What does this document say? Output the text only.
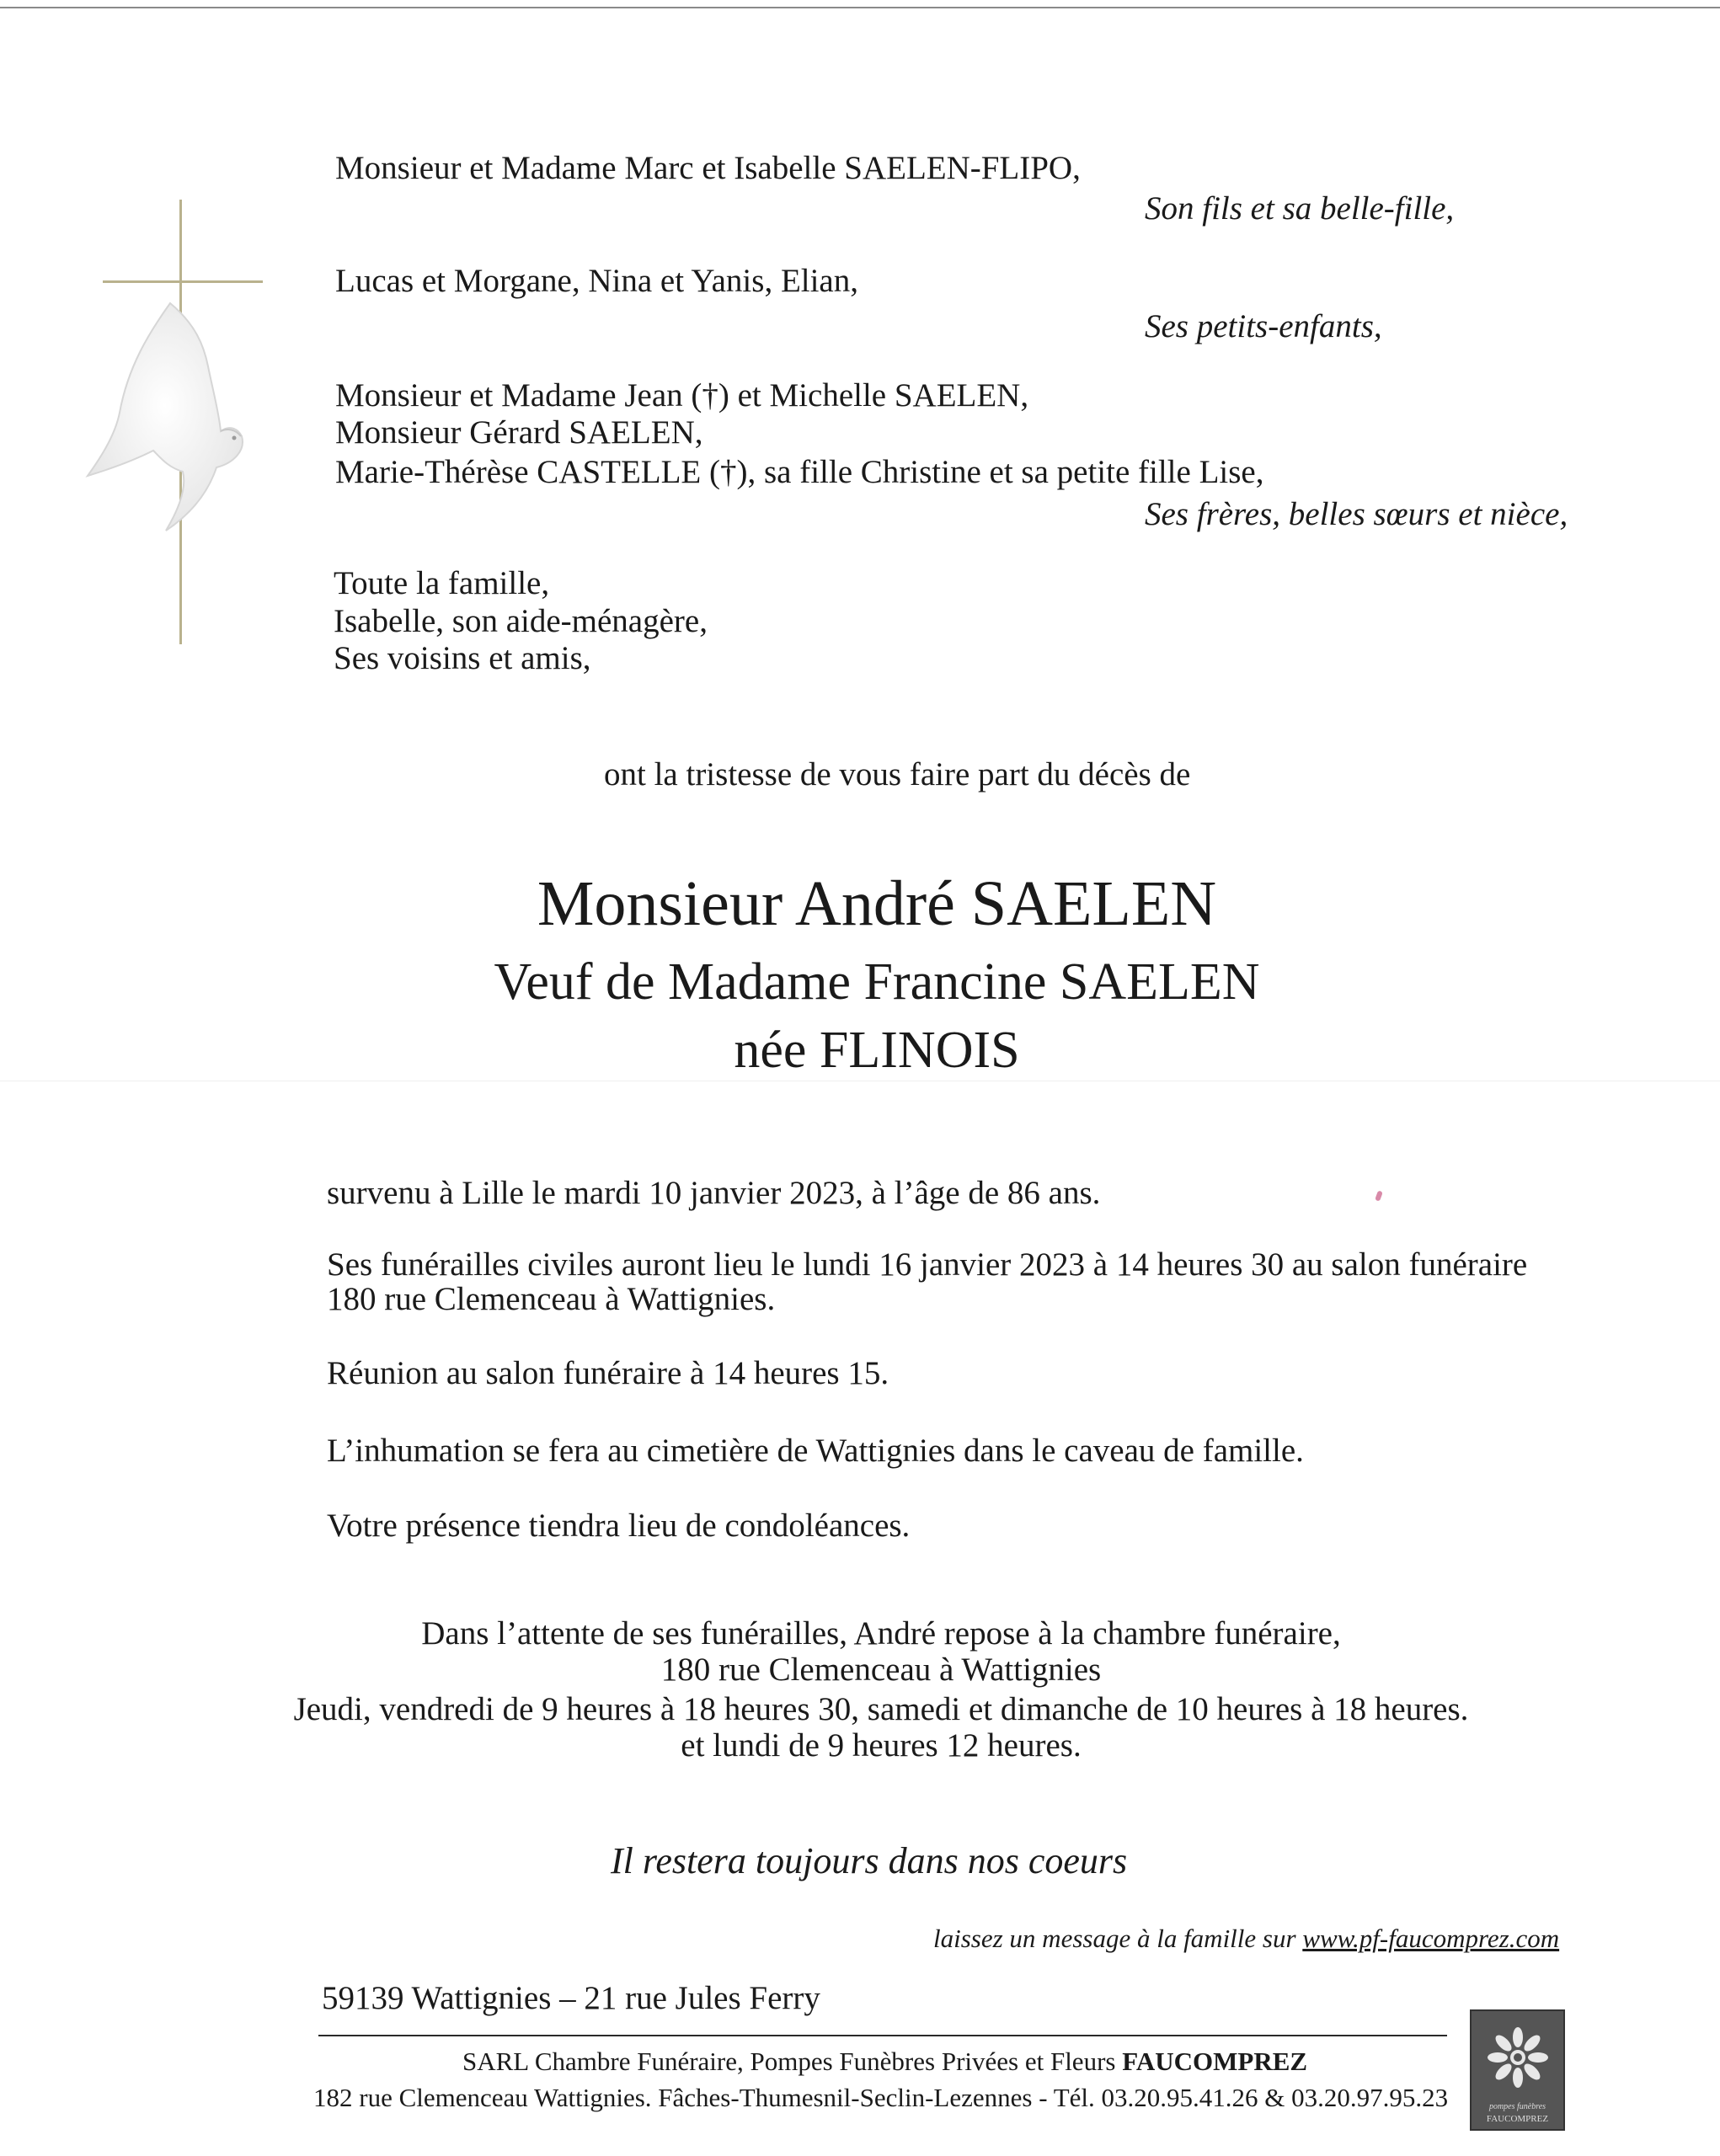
Monsieur et Madame Marc et Isabelle SAELEN-FLIPO,
Son fils et sa belle-fille,
Lucas et Morgane, Nina et Yanis, Elian,
Ses petits-enfants,
Monsieur et Madame Jean (†) et Michelle SAELEN,
Monsieur Gérard SAELEN,
Marie-Thérèse CASTELLE (†), sa fille Christine et sa petite fille Lise,
Ses frères, belles sœurs et nièce,
Toute la famille,
Isabelle, son aide-ménagère,
Ses voisins et amis,
ont la tristesse de vous faire part du décès de
Monsieur André SAELEN
Veuf de Madame Francine SAELEN
née FLINOIS
survenu à Lille le mardi 10 janvier 2023, à l’âge de 86 ans.
Ses funérailles civiles auront lieu le lundi 16 janvier 2023 à 14 heures 30 au salon funéraire
180 rue Clemenceau à Wattignies.
Réunion au salon funéraire à 14 heures 15.
L’inhumation se fera au cimetière de Wattignies dans le caveau de famille.
Votre présence tiendra lieu de condoléances.
Dans l’attente de ses funérailles, André repose à la chambre funéraire,
180 rue Clemenceau à Wattignies
Jeudi, vendredi de 9 heures à 18 heures 30, samedi et dimanche de 10 heures à 18 heures.
et lundi de 9 heures 12 heures.
Il restera toujours dans nos coeurs
laissez un message à la famille sur www.pf-faucomprez.com
59139 Wattignies – 21 rue Jules Ferry
SARL Chambre Funéraire, Pompes Funèbres Privées et Fleurs FAUCOMPREZ
182 rue Clemenceau Wattignies. Fâches-Thumesnil-Seclin-Lezennes - Tél. 03.20.95.41.26 & 03.20.97.95.23	pompes funèbres
FAUCOMPREZ
